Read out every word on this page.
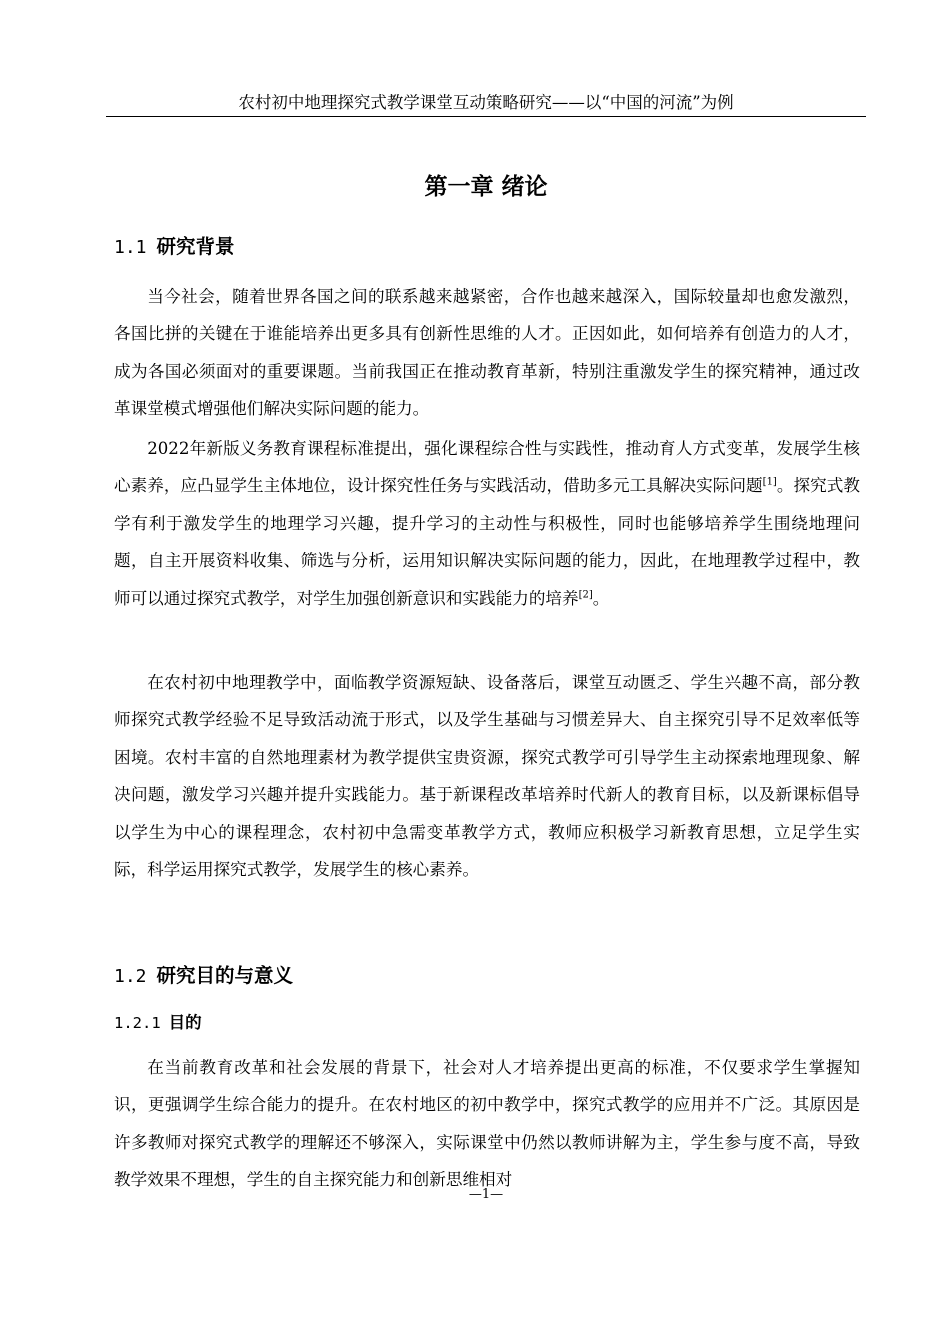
农村初中地理探究式教学课堂互动策略研究——以“中国的河流”为例
第一章 绪论
1.1 研究背景

当今社会，随着世界各国之间的联系越来越紧密，合作也越来越深入，国际较量却也愈发激烈，各国比拼的关键在于谁能培养出更多具有创新性思维的人才。正因如此，如何培养有创造力的人才，成为各国必须面对的重要课题。当前我国正在推动教育革新，特别注重激发学生的探究精神，通过改革课堂模式增强他们解决实际问题的能力。

2022年新版义务教育课程标准提出，强化课程综合性与实践性，推动育人方式变革，发展学生核心素养，应凸显学生主体地位，设计探究性任务与实践活动，借助多元工具解决实际问题[1]。探究式教学有利于激发学生的地理学习兴趣，提升学习的主动性与积极性，同时也能够培养学生围绕地理问题，自主开展资料收集、筛选与分析，运用知识解决实际问题的能力，因此，在地理教学过程中，教师可以通过探究式教学，对学生加强创新意识和实践能力的培养[2]。

在农村初中地理教学中，面临教学资源短缺、设备落后，课堂互动匮乏、学生兴趣不高，部分教师探究式教学经验不足导致活动流于形式，以及学生基础与习惯差异大、自主探究引导不足效率低等困境。农村丰富的自然地理素材为教学提供宝贵资源，探究式教学可引导学生主动探索地理现象、解决问题，激发学习兴趣并提升实践能力。基于新课程改革培养时代新人的教育目标，以及新课标倡导以学生为中心的课程理念，农村初中急需变革教学方式，教师应积极学习新教育思想，立足学生实际，科学运用探究式教学，发展学生的核心素养。

1.2 研究目的与意义
1.2.1 目的

在当前教育改革和社会发展的背景下，社会对人才培养提出更高的标准，不仅要求学生掌握知识，更强调学生综合能力的提升。在农村地区的初中教学中，探究式教学的应用并不广泛。其原因是许多教师对探究式教学的理解还不够深入，实际课堂中仍然以教师讲解为主，学生参与度不高，导致教学效果不理想，学生的自主探究能力和创新思维相对

—1—
